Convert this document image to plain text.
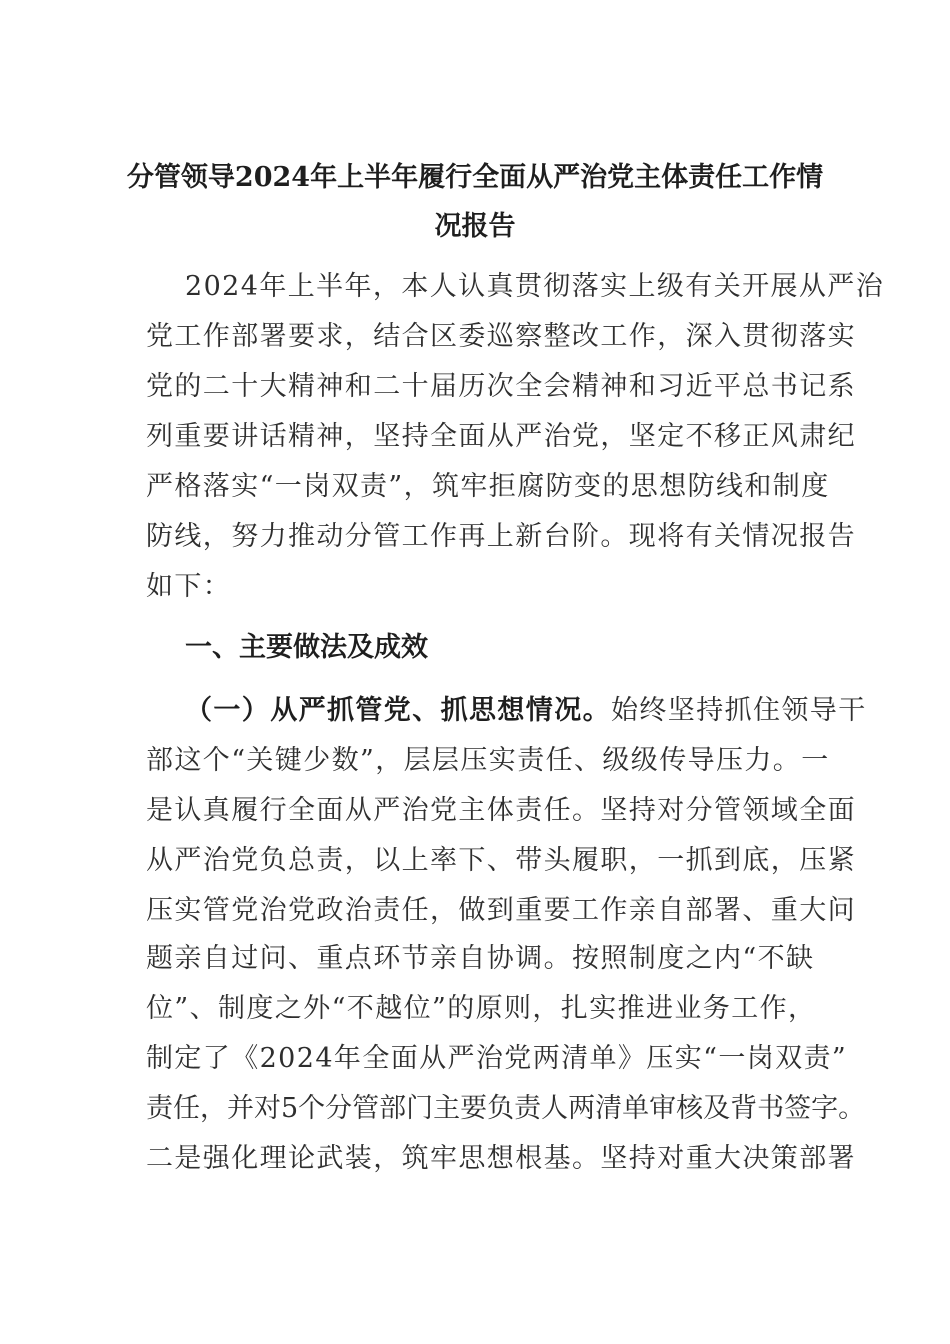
分管领导2024年上半年履行全面从严治党主体责任工作情
况报告
2024年上半年，本人认真贯彻落实上级有关开展从严治
党工作部署要求，结合区委巡察整改工作，深入贯彻落实
党的二十大精神和二十届历次全会精神和习近平总书记系
列重要讲话精神，坚持全面从严治党，坚定不移正风肃纪
严格落实“一岗双责”，筑牢拒腐防变的思想防线和制度
防线，努力推动分管工作再上新台阶。现将有关情况报告
如下：
一、主要做法及成效
（一）从严抓管党、抓思想情况。始终坚持抓住领导干
部这个“关键少数”，层层压实责任、级级传导压力。一
是认真履行全面从严治党主体责任。坚持对分管领域全面
从严治党负总责，以上率下、带头履职，一抓到底，压紧
压实管党治党政治责任，做到重要工作亲自部署、重大问
题亲自过问、重点环节亲自协调。按照制度之内“不缺
位”、制度之外“不越位”的原则，扎实推进业务工作，
制定了《2024年全面从严治党两清单》压实“一岗双责”
责任，并对5个分管部门主要负责人两清单审核及背书签字。
二是强化理论武装，筑牢思想根基。坚持对重大决策部署
